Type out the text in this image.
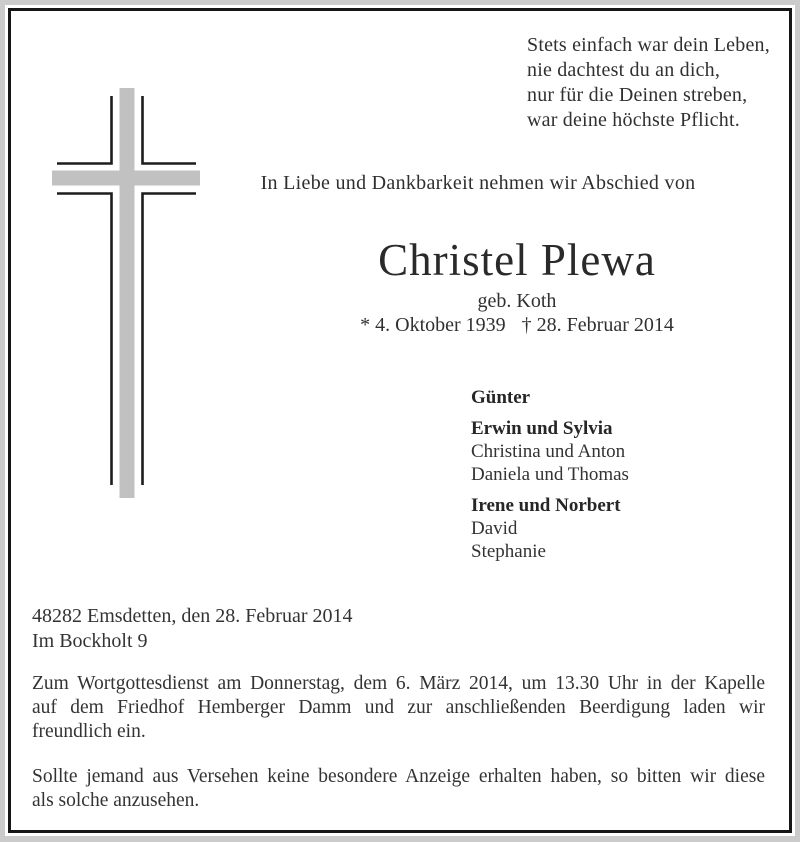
Stets einfach war dein Leben,
nie dachtest du an dich,
nur für die Deinen streben,
war deine höchste Pflicht.
In Liebe und Dankbarkeit nehmen wir Abschied von
Christel Plewa
geb. Koth
* 4. Oktober 1939 † 28. Februar 2014
Günter
Erwin und Sylvia
Christina und Anton
Daniela und Thomas
Irene und Norbert
David
Stephanie
48282 Emsdetten, den 28. Februar 2014
Im Bockholt 9
Zum Wortgottesdienst am Donnerstag, dem 6. März 2014, um 13.30 Uhr in der Kapelle
auf dem Friedhof Hemberger Damm und zur anschließenden Beerdigung laden wir
freundlich ein.
Sollte jemand aus Versehen keine besondere Anzeige erhalten haben, so bitten wir diese
als solche anzusehen.
